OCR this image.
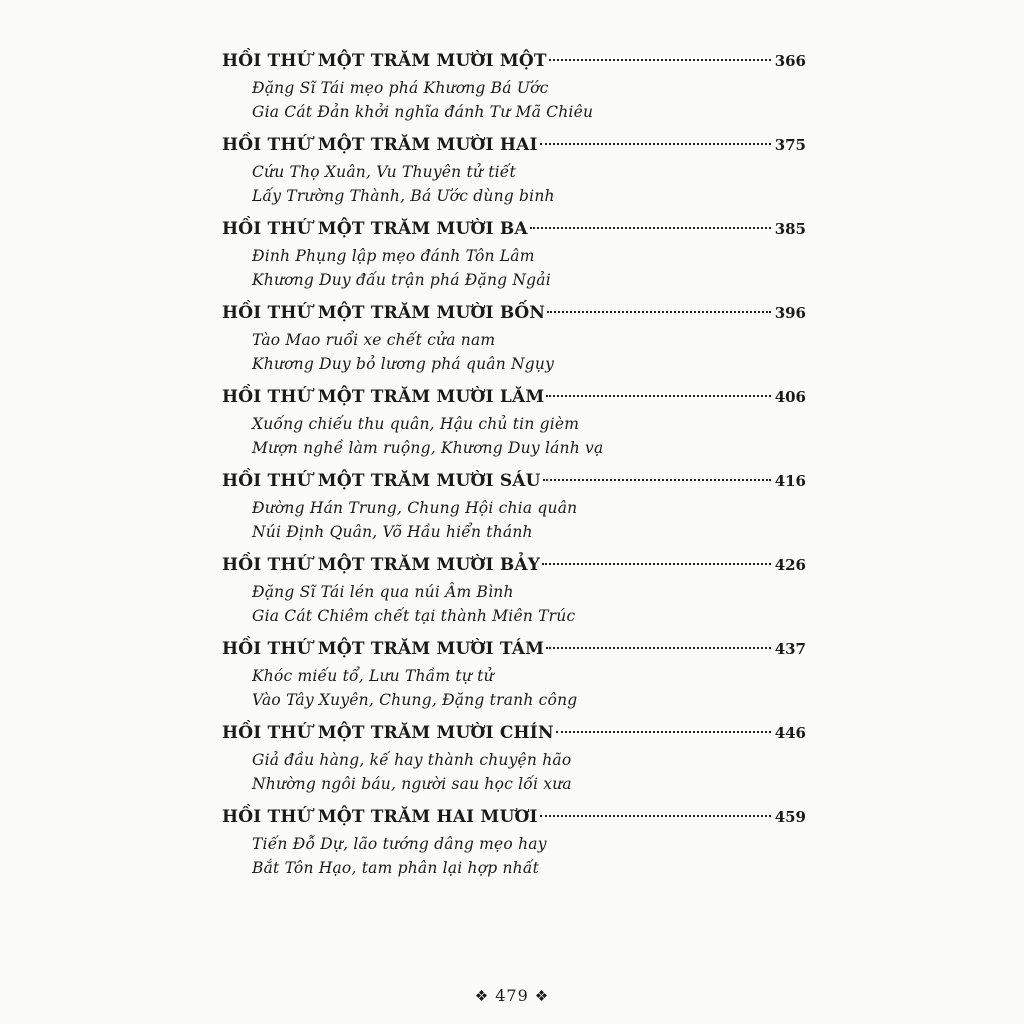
HỒI THỨ MỘT TRĂM MƯỜI MỘT	366
Đặng Sĩ Tái mẹo phá Khương Bá Ước
Gia Cát Đản khởi nghĩa đánh Tư Mã Chiêu
HỒI THỨ MỘT TRĂM MƯỜI HAI	375
Cứu Thọ Xuân, Vu Thuyên tử tiết
Lấy Trường Thành, Bá Ước dùng binh
HỒI THỨ MỘT TRĂM MƯỜI BA	385
Đinh Phụng lập mẹo đánh Tôn Lâm
Khương Duy đấu trận phá Đặng Ngải
HỒI THỨ MỘT TRĂM MƯỜI BỐN	396
Tào Mao ruổi xe chết cửa nam
Khương Duy bỏ lương phá quân Ngụy
HỒI THỨ MỘT TRĂM MƯỜI LĂM	406
Xuống chiếu thu quân, Hậu chủ tin gièm
Mượn nghề làm ruộng, Khương Duy lánh vạ
HỒI THỨ MỘT TRĂM MƯỜI SÁU	416
Đường Hán Trung, Chung Hội chia quân
Núi Định Quân, Võ Hầu hiển thánh
HỒI THỨ MỘT TRĂM MƯỜI BẢY	426
Đặng Sĩ Tái lén qua núi Âm Bình
Gia Cát Chiêm chết tại thành Miên Trúc
HỒI THỨ MỘT TRĂM MƯỜI TÁM	437
Khóc miếu tổ, Lưu Thầm tự tử
Vào Tây Xuyên, Chung, Đặng tranh công
HỒI THỨ MỘT TRĂM MƯỜI CHÍN	446
Giả đầu hàng, kế hay thành chuyện hão
Nhường ngôi báu, người sau học lối xưa
HỒI THỨ MỘT TRĂM HAI MƯƠI	459
Tiến Đỗ Dự, lão tướng dâng mẹo hay
Bắt Tôn Hạo, tam phân lại hợp nhất
❖ 479 ❖
